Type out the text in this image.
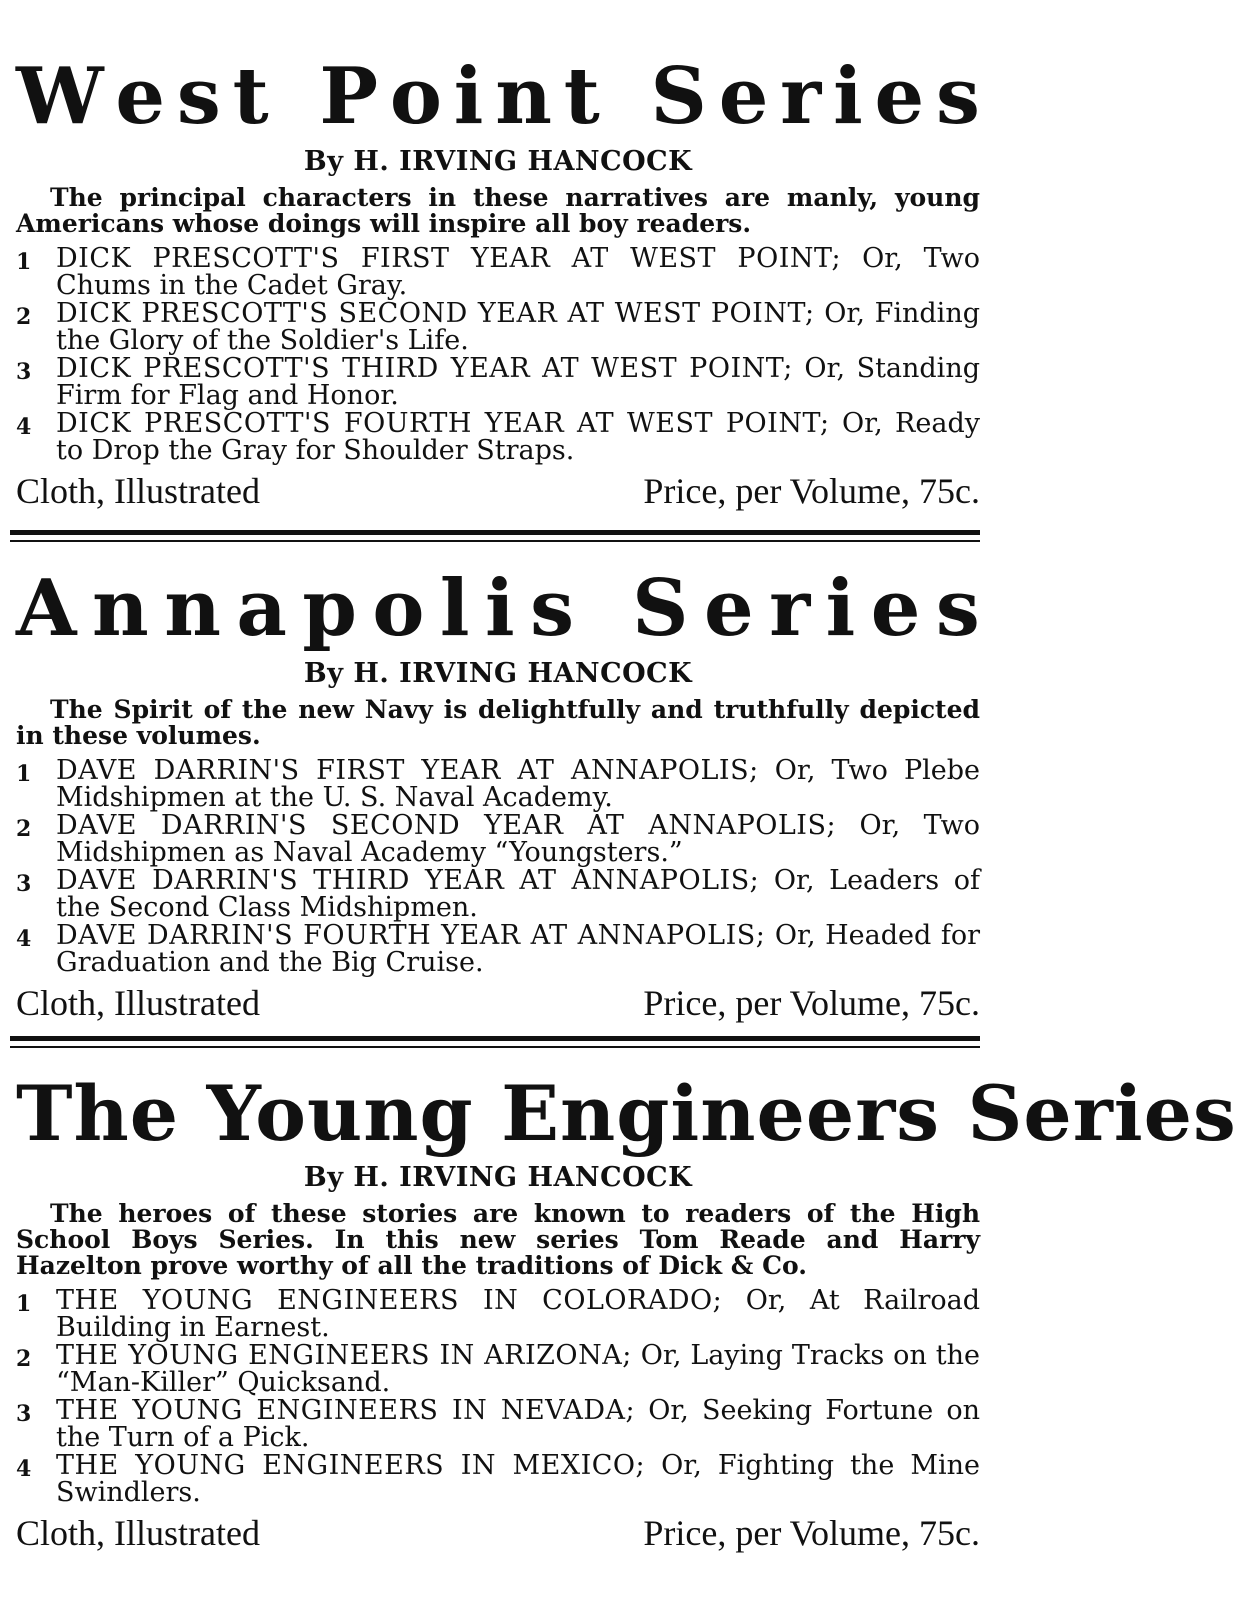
W e s t
P o i n t
S e r i e s
By H. IRVING HANCOCK

The principal characters in these narratives are manly, young Americans whose doings will inspire all boy readers.

1 DICK PRESCOTT'S FIRST YEAR AT WEST POINT; Or, Two Chums in the Cadet Gray.
2 DICK PRESCOTT'S SECOND YEAR AT WEST POINT; Or, Finding the Glory of the Soldier's Life.
3 DICK PRESCOTT'S THIRD YEAR AT WEST POINT; Or, Standing Firm for Flag and Honor.
4 DICK PRESCOTT'S FOURTH YEAR AT WEST POINT; Or, Ready to Drop the Gray for Shoulder Straps.
Cloth, Illustrated	Price, per Volume, 75c.
A n n a p o l i s
S e r i e s
By H. IRVING HANCOCK

The Spirit of the new Navy is delightfully and truthfully depicted in these volumes.

1 DAVE DARRIN'S FIRST YEAR AT ANNAPOLIS; Or, Two Plebe Midshipmen at the U. S. Naval Academy.
2 DAVE DARRIN'S SECOND YEAR AT ANNAPOLIS; Or, Two Midshipmen as Naval Academy “Youngsters.”
3 DAVE DARRIN'S THIRD YEAR AT ANNAPOLIS; Or, Leaders of the Second Class Midshipmen.
4 DAVE DARRIN'S FOURTH YEAR AT ANNAPOLIS; Or, Headed for Graduation and the Big Cruise.
Cloth, Illustrated	Price, per Volume, 75c.
The Young Engineers Series
By H. IRVING HANCOCK

The heroes of these stories are known to readers of the High School Boys Series. In this new series Tom Reade and Harry Hazelton prove worthy of all the traditions of Dick & Co.

1 THE YOUNG ENGINEERS IN COLORADO; Or, At Railroad Building in Earnest.
2 THE YOUNG ENGINEERS IN ARIZONA; Or, Laying Tracks on the “Man-Killer” Quicksand.
3 THE YOUNG ENGINEERS IN NEVADA; Or, Seeking Fortune on the Turn of a Pick.
4 THE YOUNG ENGINEERS IN MEXICO; Or, Fighting the Mine Swindlers.
Cloth, Illustrated	Price, per Volume, 75c.
